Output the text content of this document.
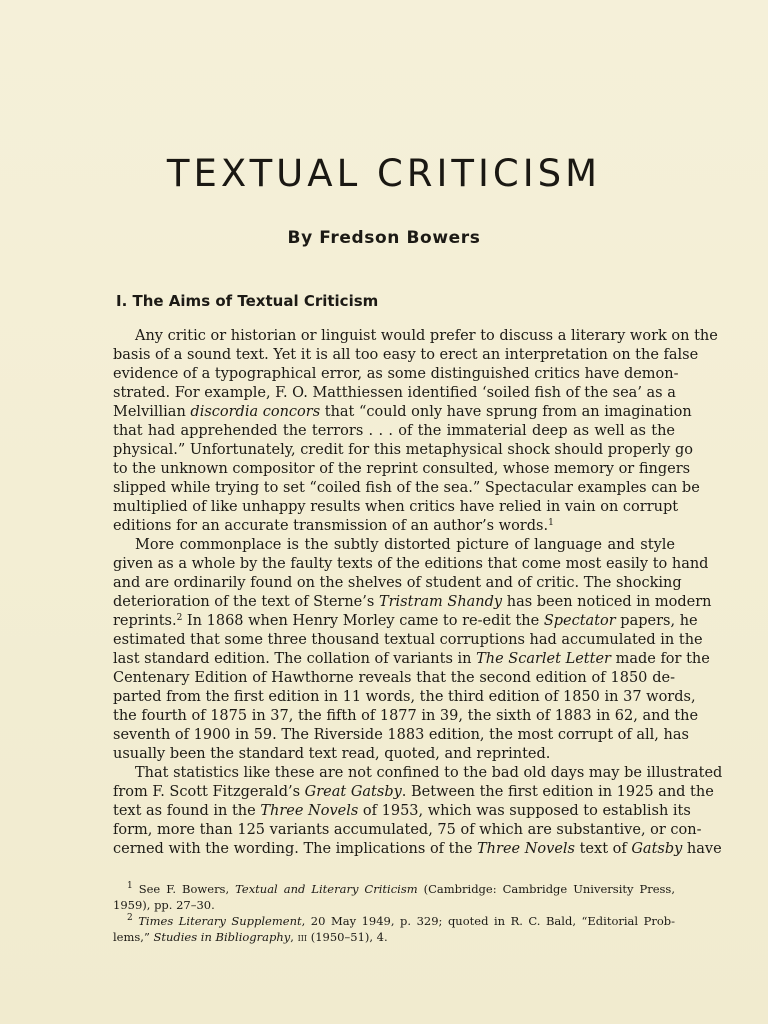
TEXTUAL CRITICISM
By Fredson Bowers
I. The Aims of Textual Criticism
Any critic or historian or linguist would prefer to discuss a literary work on the
basis of a sound text. Yet it is all too easy to erect an interpretation on the false
evidence of a typographical error, as some distinguished critics have demon-
strated. For example, F. O. Matthiessen identified ‘soiled fish of the sea’ as a
Melvillian discordia concors that “could only have sprung from an imagination
that had apprehended the terrors . . . of the immaterial deep as well as the
physical.” Unfortunately, credit for this metaphysical shock should properly go
to the unknown compositor of the reprint consulted, whose memory or fingers
slipped while trying to set “coiled fish of the sea.” Spectacular examples can be
multiplied of like unhappy results when critics have relied in vain on corrupt
editions for an accurate transmission of an author’s words.$^1$
More commonplace is the subtly distorted picture of language and style
given as a whole by the faulty texts of the editions that come most easily to hand
and are ordinarily found on the shelves of student and of critic. The shocking
deterioration of the text of Sterne’s Tristram Shandy has been noticed in modern
reprints.$^2$ In 1868 when Henry Morley came to re-edit the Spectator papers, he
estimated that some three thousand textual corruptions had accumulated in the
last standard edition. The collation of variants in The Scarlet Letter made for the
Centenary Edition of Hawthorne reveals that the second edition of 1850 de-
parted from the first edition in 11 words, the third edition of 1850 in 37 words,
the fourth of 1875 in 37, the fifth of 1877 in 39, the sixth of 1883 in 62, and the
seventh of 1900 in 59. The Riverside 1883 edition, the most corrupt of all, has
usually been the standard text read, quoted, and reprinted.
That statistics like these are not confined to the bad old days may be illustrated
from F. Scott Fitzgerald’s Great Gatsby. Between the first edition in 1925 and the
text as found in the Three Novels of 1953, which was supposed to establish its
form, more than 125 variants accumulated, 75 of which are substantive, or con-
cerned with the wording. The implications of the Three Novels text of Gatsby have
$^1$ See F. Bowers, Textual and Literary Criticism (Cambridge: Cambridge University Press,
1959), pp. 27–30.
$^2$ Times Literary Supplement, 20 May 1949, p. 329; quoted in R. C. Bald, “Editorial Prob-
lems,” Studies in Bibliography, iii (1950–51), 4.
